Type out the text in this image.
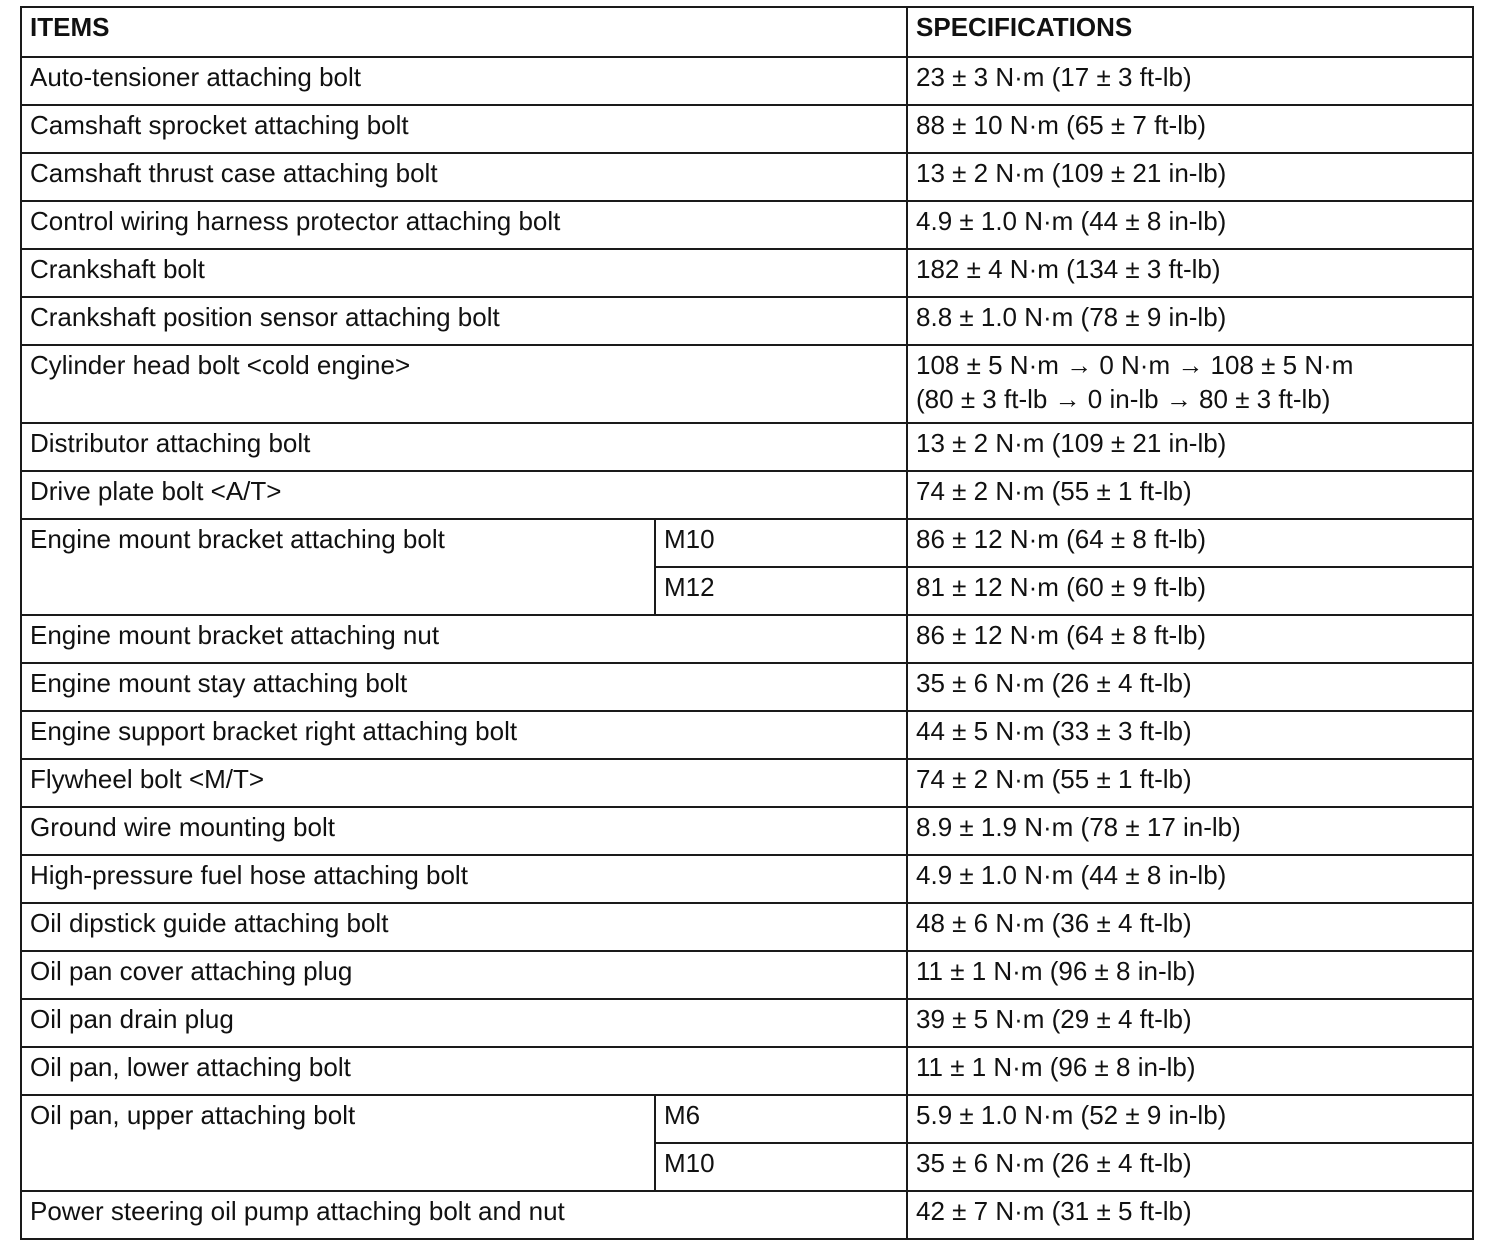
ITEMS		SPECIFICATIONS
Auto-tensioner attaching bolt		23 ± 3 N·m (17 ± 3 ft-lb)
Camshaft sprocket attaching bolt		88 ± 10 N·m (65 ± 7 ft-lb)
Camshaft thrust case attaching bolt		13 ± 2 N·m (109 ± 21 in-lb)
Control wiring harness protector attaching bolt		4.9 ± 1.0 N·m (44 ± 8 in-lb)
Crankshaft bolt		182 ± 4 N·m (134 ± 3 ft-lb)
Crankshaft position sensor attaching bolt		8.8 ± 1.0 N·m (78 ± 9 in-lb)
Cylinder head bolt <cold engine>		108 ± 5 N·m → 0 N·m → 108 ± 5 N·m
(80 ± 3 ft-lb → 0 in-lb → 80 ± 3 ft-lb)

Distributor attaching bolt		13 ± 2 N·m (109 ± 21 in-lb)
Drive plate bolt <A/T>		74 ± 2 N·m (55 ± 1 ft-lb)
Engine mount bracket attaching bolt	M10	86 ± 12 N·m (64 ± 8 ft-lb)
	M12	81 ± 12 N·m (60 ± 9 ft-lb)
Engine mount bracket attaching nut		86 ± 12 N·m (64 ± 8 ft-lb)
Engine mount stay attaching bolt		35 ± 6 N·m (26 ± 4 ft-lb)
Engine support bracket right attaching bolt		44 ± 5 N·m (33 ± 3 ft-lb)
Flywheel bolt <M/T>		74 ± 2 N·m (55 ± 1 ft-lb)
Ground wire mounting bolt		8.9 ± 1.9 N·m (78 ± 17 in-lb)
High-pressure fuel hose attaching bolt		4.9 ± 1.0 N·m (44 ± 8 in-lb)
Oil dipstick guide attaching bolt		48 ± 6 N·m (36 ± 4 ft-lb)
Oil pan cover attaching plug		11 ± 1 N·m (96 ± 8 in-lb)
Oil pan drain plug		39 ± 5 N·m (29 ± 4 ft-lb)
Oil pan, lower attaching bolt		11 ± 1 N·m (96 ± 8 in-lb)
Oil pan, upper attaching bolt	M6	5.9 ± 1.0 N·m (52 ± 9 in-lb)
	M10	35 ± 6 N·m (26 ± 4 ft-lb)
Power steering oil pump attaching bolt and nut		42 ± 7 N·m (31 ± 5 ft-lb)
